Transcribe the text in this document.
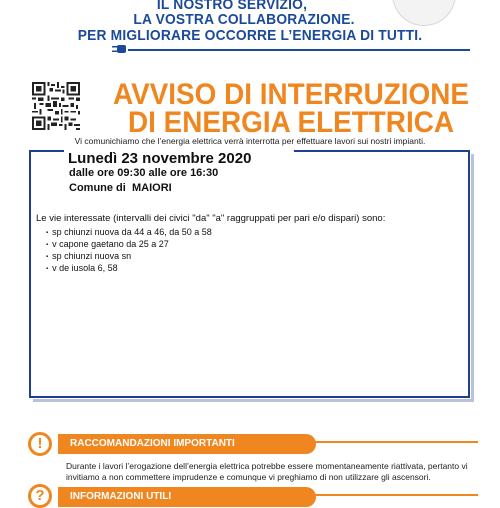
IL NOSTRO SERVIZIO,
LA VOSTRA COLLABORAZIONE.
PER MIGLIORARE OCCORRE L’ENERGIA DI TUTTI.
AVVISO DI INTERRUZIONE
DI ENERGIA ELETTRICA
Vi comunichiamo che l’energia elettrica verrà interrotta per effettuare lavori sui nostri impianti.
Lunedì 23 novembre 2020
dalle ore 09:30 alle ore 16:30
Comune di MAIORI
Le vie interessate (intervalli dei civici "da" "a" raggruppati per pari e/o dispari) sono:
▪ sp chiunzi nuova da 44 a 46, da 50 a 58
▪ v capone gaetano da 25 a 27
▪ sp chiunzi nuova sn
▪ v de iusola 6, 58
!	RACCOMANDAZIONI IMPORTANTI
Durante i lavori l’erogazione dell’energia elettrica potrebbe essere momentaneamente riattivata, pertanto vi invitiamo a non commettere imprudenze e comunque vi preghiamo di non utilizzare gli ascensori.
?	INFORMAZIONI UTILI
